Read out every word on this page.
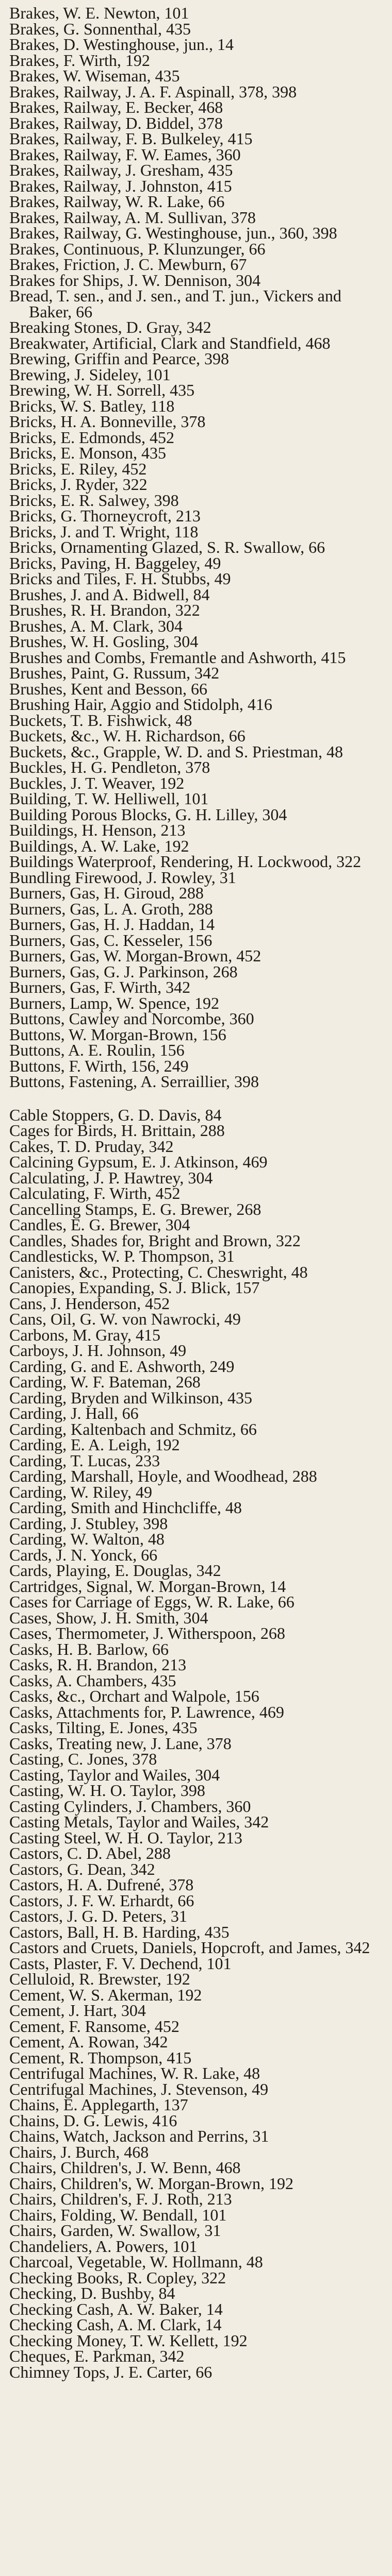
Brakes, W. E. Newton, 101
Brakes, G. Sonnenthal, 435
Brakes, D. Westinghouse, jun., 14
Brakes, F. Wirth, 192
Brakes, W. Wiseman, 435
Brakes, Railway, J. A. F. Aspinall, 378, 398
Brakes, Railway, E. Becker, 468
Brakes, Railway, D. Biddel, 378
Brakes, Railway, F. B. Bulkeley, 415
Brakes, Railway, F. W. Eames, 360
Brakes, Railway, J. Gresham, 435
Brakes, Railway, J. Johnston, 415
Brakes, Railway, W. R. Lake, 66
Brakes, Railway, A. M. Sullivan, 378
Brakes, Railway, G. Westinghouse, jun., 360, 398
Brakes, Continuous, P. Klunzunger, 66
Brakes, Friction, J. C. Mewburn, 67
Brakes for Ships, J. W. Dennison, 304
Bread, T. sen., and J. sen., and T. jun., Vickers and Baker, 66
Breaking Stones, D. Gray, 342
Breakwater, Artificial, Clark and Standfield, 468
Brewing, Griffin and Pearce, 398
Brewing, J. Sideley, 101
Brewing, W. H. Sorrell, 435
Bricks, W. S. Batley, 118
Bricks, H. A. Bonneville, 378
Bricks, E. Edmonds, 452
Bricks, E. Monson, 435
Bricks, E. Riley, 452
Bricks, J. Ryder, 322
Bricks, E. R. Salwey, 398
Bricks, G. Thorneycroft, 213
Bricks, J. and T. Wright, 118
Bricks, Ornamenting Glazed, S. R. Swallow, 66
Bricks, Paving, H. Baggeley, 49
Bricks and Tiles, F. H. Stubbs, 49
Brushes, J. and A. Bidwell, 84
Brushes, R. H. Brandon, 322
Brushes, A. M. Clark, 304
Brushes, W. H. Gosling, 304
Brushes and Combs, Fremantle and Ashworth, 415
Brushes, Paint, G. Russum, 342
Brushes, Kent and Besson, 66
Brushing Hair, Aggio and Stidolph, 416
Buckets, T. B. Fishwick, 48
Buckets, &c., W. H. Richardson, 66
Buckets, &c., Grapple, W. D. and S. Priestman, 48
Buckles, H. G. Pendleton, 378
Buckles, J. T. Weaver, 192
Building, T. W. Helliwell, 101
Building Porous Blocks, G. H. Lilley, 304
Buildings, H. Henson, 213
Buildings, A. W. Lake, 192
Buildings Waterproof, Rendering, H. Lockwood, 322
Bundling Firewood, J. Rowley, 31
Burners, Gas, H. Giroud, 288
Burners, Gas, L. A. Groth, 288
Burners, Gas, H. J. Haddan, 14
Burners, Gas, C. Kesseler, 156
Burners, Gas, W. Morgan-Brown, 452
Burners, Gas, G. J. Parkinson, 268
Burners, Gas, F. Wirth, 342
Burners, Lamp, W. Spence, 192
Buttons, Cawley and Norcombe, 360
Buttons, W. Morgan-Brown, 156
Buttons, A. E. Roulin, 156
Buttons, F. Wirth, 156, 249
Buttons, Fastening, A. Serraillier, 398
Cable Stoppers, G. D. Davis, 84
Cages for Birds, H. Brittain, 288
Cakes, T. D. Pruday, 342
Calcining Gypsum, E. J. Atkinson, 469
Calculating, J. P. Hawtrey, 304
Calculating, F. Wirth, 452
Cancelling Stamps, E. G. Brewer, 268
Candles, E. G. Brewer, 304
Candles, Shades for, Bright and Brown, 322
Candlesticks, W. P. Thompson, 31
Canisters, &c., Protecting, C. Cheswright, 48
Canopies, Expanding, S. J. Blick, 157
Cans, J. Henderson, 452
Cans, Oil, G. W. von Nawrocki, 49
Carbons, M. Gray, 415
Carboys, J. H. Johnson, 49
Carding, G. and E. Ashworth, 249
Carding, W. F. Bateman, 268
Carding, Bryden and Wilkinson, 435
Carding, J. Hall, 66
Carding, Kaltenbach and Schmitz, 66
Carding, E. A. Leigh, 192
Carding, T. Lucas, 233
Carding, Marshall, Hoyle, and Woodhead, 288
Carding, W. Riley, 49
Carding, Smith and Hinchcliffe, 48
Carding, J. Stubley, 398
Carding, W. Walton, 48
Cards, J. N. Yonck, 66
Cards, Playing, E. Douglas, 342
Cartridges, Signal, W. Morgan-Brown, 14
Cases for Carriage of Eggs, W. R. Lake, 66
Cases, Show, J. H. Smith, 304
Cases, Thermometer, J. Witherspoon, 268
Casks, H. B. Barlow, 66
Casks, R. H. Brandon, 213
Casks, A. Chambers, 435
Casks, &c., Orchart and Walpole, 156
Casks, Attachments for, P. Lawrence, 469
Casks, Tilting, E. Jones, 435
Casks, Treating new, J. Lane, 378
Casting, C. Jones, 378
Casting, Taylor and Wailes, 304
Casting, W. H. O. Taylor, 398
Casting Cylinders, J. Chambers, 360
Casting Metals, Taylor and Wailes, 342
Casting Steel, W. H. O. Taylor, 213
Castors, C. D. Abel, 288
Castors, G. Dean, 342
Castors, H. A. Dufrené, 378
Castors, J. F. W. Erhardt, 66
Castors, J. G. D. Peters, 31
Castors, Ball, H. B. Harding, 435
Castors and Cruets, Daniels, Hopcroft, and James, 342
Casts, Plaster, F. V. Dechend, 101
Celluloid, R. Brewster, 192
Cement, W. S. Akerman, 192
Cement, J. Hart, 304
Cement, F. Ransome, 452
Cement, A. Rowan, 342
Cement, R. Thompson, 415
Centrifugal Machines, W. R. Lake, 48
Centrifugal Machines, J. Stevenson, 49
Chains, E. Applegarth, 137
Chains, D. G. Lewis, 416
Chains, Watch, Jackson and Perrins, 31
Chairs, J. Burch, 468
Chairs, Children's, J. W. Benn, 468
Chairs, Children's, W. Morgan-Brown, 192
Chairs, Children's, F. J. Roth, 213
Chairs, Folding, W. Bendall, 101
Chairs, Garden, W. Swallow, 31
Chandeliers, A. Powers, 101
Charcoal, Vegetable, W. Hollmann, 48
Checking Books, R. Copley, 322
Checking, D. Bushby, 84
Checking Cash, A. W. Baker, 14
Checking Cash, A. M. Clark, 14
Checking Money, T. W. Kellett, 192
Cheques, E. Parkman, 342
Chimney Tops, J. E. Carter, 66
